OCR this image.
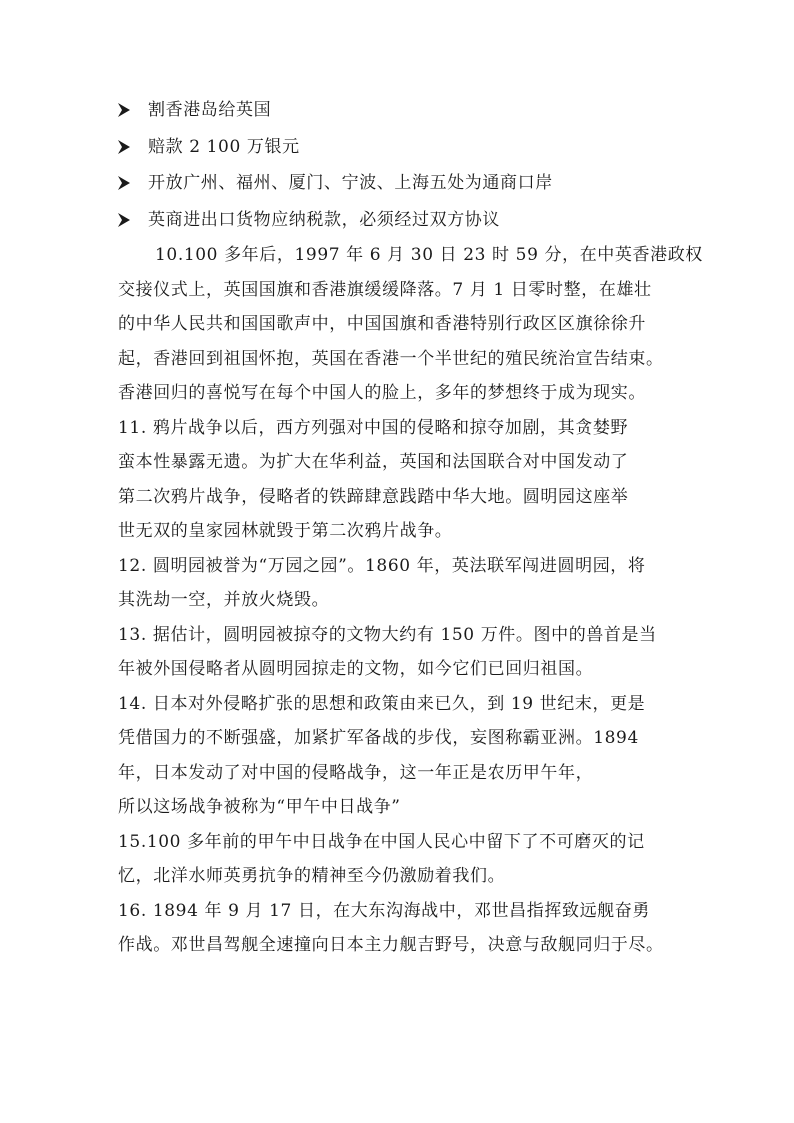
割香港岛给英国
赔款 2 100 万银元
开放广州、福州、厦门、宁波、上海五处为通商口岸
英商进出口货物应纳税款，必须经过双方协议

10.100 多年后，1997 年 6 月 30 日 23 时 59 分，在中英香港政权
交接仪式上，英国国旗和香港旗缓缓降落。7 月 1 日零时整，在雄壮
的中华人民共和国国歌声中，中国国旗和香港特别行政区区旗徐徐升
起，香港回到祖国怀抱，英国在香港一个半世纪的殖民统治宣告结束。
香港回归的喜悦写在每个中国人的脸上，多年的梦想终于成为现实。

11. 鸦片战争以后，西方列强对中国的侵略和掠夺加剧，其贪婪野
蛮本性暴露无遗。为扩大在华利益，英国和法国联合对中国发动了
第二次鸦片战争，侵略者的铁蹄肆意践踏中华大地。圆明园这座举
世无双的皇家园林就毁于第二次鸦片战争。

12. 圆明园被誉为“万园之园”。1860 年，英法联军闯进圆明园，将
其洗劫一空，并放火烧毁。

13. 据估计，圆明园被掠夺的文物大约有 150 万件。图中的兽首是当
年被外国侵略者从圆明园掠走的文物，如今它们已回归祖国。

14. 日本对外侵略扩张的思想和政策由来已久，到 19 世纪末，更是
凭借国力的不断强盛，加紧扩军备战的步伐，妄图称霸亚洲。1894
年，日本发动了对中国的侵略战争，这一年正是农历甲午年，
所以这场战争被称为“甲午中日战争”

15.100 多年前的甲午中日战争在中国人民心中留下了不可磨灭的记
忆，北洋水师英勇抗争的精神至今仍激励着我们。

16. 1894 年 9 月 17 日，在大东沟海战中，邓世昌指挥致远舰奋勇
作战。邓世昌驾舰全速撞向日本主力舰吉野号，决意与敌舰同归于尽。
